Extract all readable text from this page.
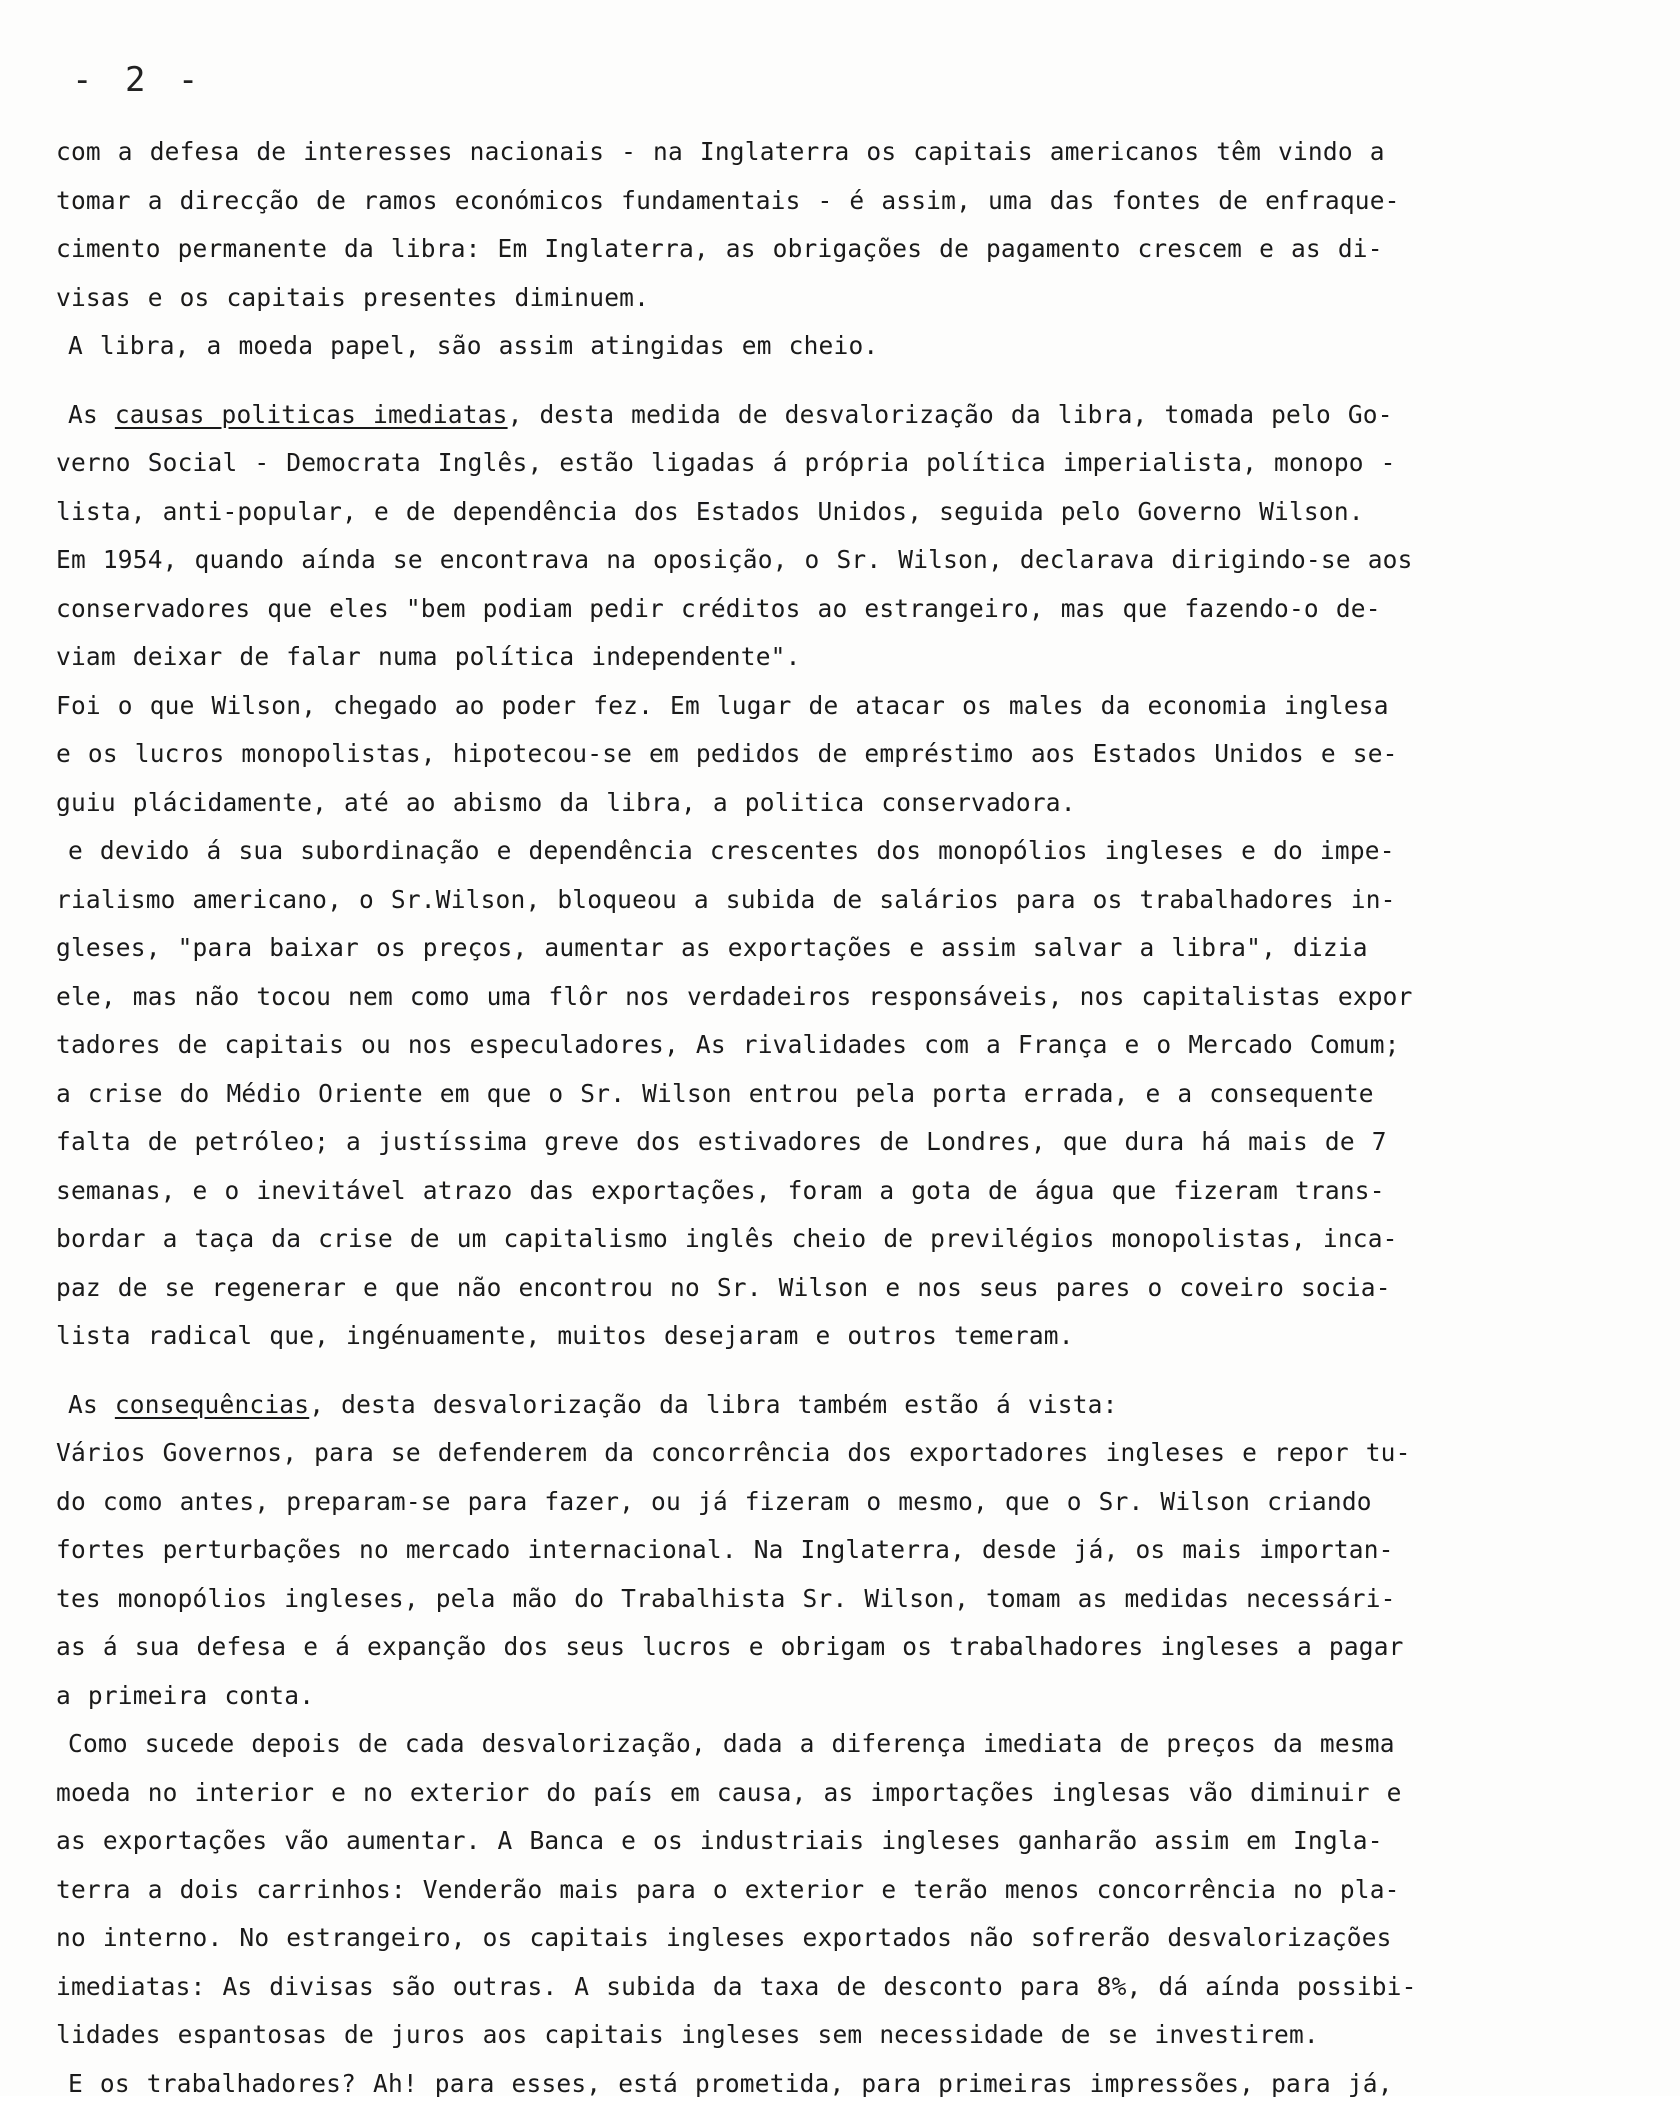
- 2 -
com a defesa de interesses nacionais - na Inglaterra os capitais americanos têm vindo a
tomar a direcção de ramos económicos fundamentais - é assim, uma das fontes de enfraque-
cimento permanente da libra: Em Inglaterra, as obrigações de pagamento crescem e as di-
visas e os capitais presentes diminuem.
A libra, a moeda papel, são assim atingidas em cheio.
As causas politicas imediatas, desta medida de desvalorização da libra, tomada pelo Go-
verno Social - Democrata Inglês, estão ligadas á própria política imperialista, monopo -
lista, anti-popular, e de dependência dos Estados Unidos, seguida pelo Governo Wilson.
Em 1954, quando aínda se encontrava na oposição, o Sr. Wilson, declarava dirigindo-se aos
conservadores que eles "bem podiam pedir créditos ao estrangeiro, mas que fazendo-o de-
viam deixar de falar numa política independente".
Foi o que Wilson, chegado ao poder fez. Em lugar de atacar os males da economia inglesa
e os lucros monopolistas, hipotecou-se em pedidos de empréstimo aos Estados Unidos e se-
guiu plácidamente, até ao abismo da libra, a politica conservadora.
e devido á sua subordinação e dependência crescentes dos monopólios ingleses e do impe-
rialismo americano, o Sr.Wilson, bloqueou a subida de salários para os trabalhadores in-
gleses, "para baixar os preços, aumentar as exportações e assim salvar a libra", dizia
ele, mas não tocou nem como uma flôr nos verdadeiros responsáveis, nos capitalistas expor
tadores de capitais ou nos especuladores, As rivalidades com a França e o Mercado Comum;
a crise do Médio Oriente em que o Sr. Wilson entrou pela porta errada, e a consequente
falta de petróleo; a justíssima greve dos estivadores de Londres, que dura há mais de 7
semanas, e o inevitável atrazo das exportações, foram a gota de água que fizeram trans-
bordar a taça da crise de um capitalismo inglês cheio de previlégios monopolistas, inca-
paz de se regenerar e que não encontrou no Sr. Wilson e nos seus pares o coveiro socia-
lista radical que, ingénuamente, muitos desejaram e outros temeram.
As consequências, desta desvalorização da libra também estão á vista:
Vários Governos, para se defenderem da concorrência dos exportadores ingleses e repor tu-
do como antes, preparam-se para fazer, ou já fizeram o mesmo, que o Sr. Wilson criando
fortes perturbações no mercado internacional. Na Inglaterra, desde já, os mais importan-
tes monopólios ingleses, pela mão do Trabalhista Sr. Wilson, tomam as medidas necessári-
as á sua defesa e á expanção dos seus lucros e obrigam os trabalhadores ingleses a pagar
a primeira conta.
Como sucede depois de cada desvalorização, dada a diferença imediata de preços da mesma
moeda no interior e no exterior do país em causa, as importações inglesas vão diminuir e
as exportações vão aumentar. A Banca e os industriais ingleses ganharão assim em Ingla-
terra a dois carrinhos: Venderão mais para o exterior e terão menos concorrência no pla-
no interno. No estrangeiro, os capitais ingleses exportados não sofrerão desvalorizações
imediatas: As divisas são outras. A subida da taxa de desconto para 8%, dá aínda possibi-
lidades espantosas de juros aos capitais ingleses sem necessidade de se investirem.
E os trabalhadores? Ah! para esses, está prometida, para primeiras impressões, para já,
